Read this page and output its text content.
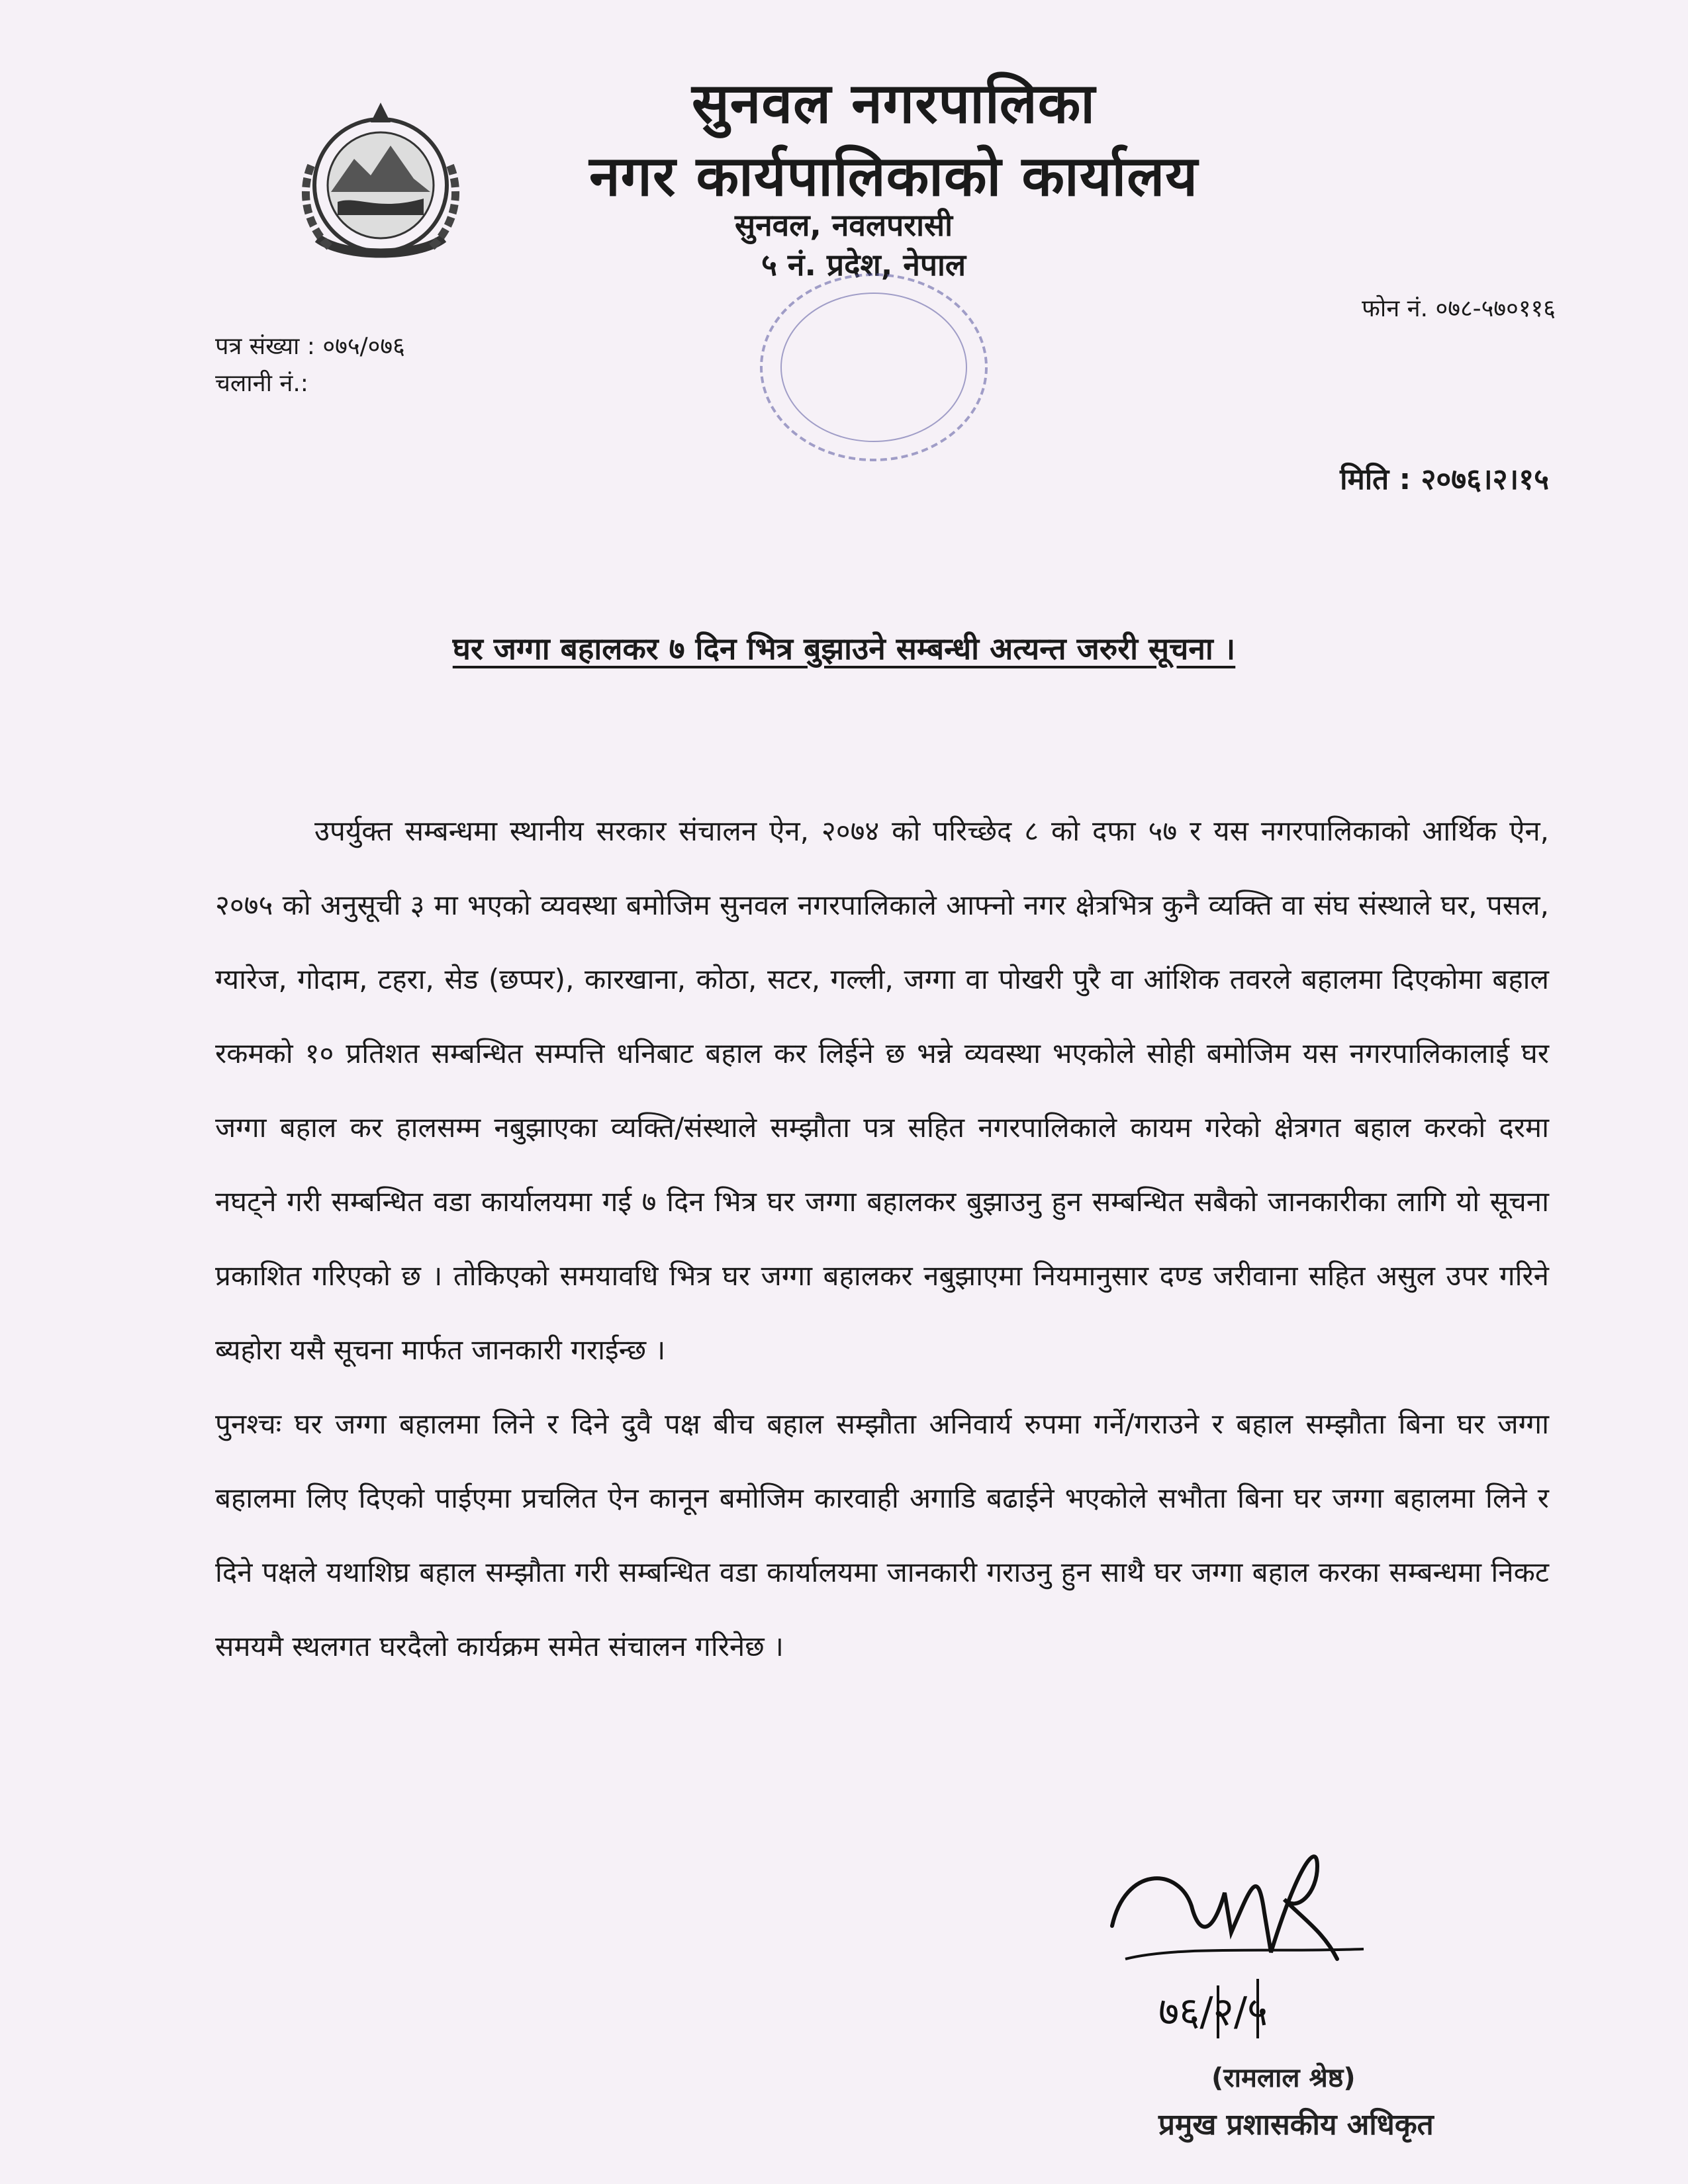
सुनवल नगरपालिका
नगर कार्यपालिकाको कार्यालय
सुनवल, नवलपरासी
५ नं. प्रदेश, नेपाल
फोन नं. ०७८-५७०११६
पत्र संख्या : ०७५/०७६
चलानी नं.:
मिति : २०७६।२।१५
घर जग्गा बहालकर ७ दिन भित्र बुझाउने सम्बन्धी अत्यन्त जरुरी सूचना ।

उपर्युक्त सम्बन्धमा स्थानीय सरकार संचालन ऐन, २०७४ को परिच्छेद ८ को दफा ५७ र यस नगरपालिकाको आर्थिक ऐन, २०७५ को अनुसूची ३ मा भएको व्यवस्था बमोजिम सुनवल नगरपालिकाले आफ्नो नगर क्षेत्रभित्र कुनै व्यक्ति वा संघ संस्थाले घर, पसल, ग्यारेज, गोदाम, टहरा, सेड (छप्पर), कारखाना, कोठा, सटर, गल्ली, जग्गा वा पोखरी पुरै वा आंशिक तवरले बहालमा दिएकोमा बहाल रकमको १० प्रतिशत सम्बन्धित सम्पत्ति धनिबाट बहाल कर लिईने छ भन्ने व्यवस्था भएकोले सोही बमोजिम यस नगरपालिकालाई घर जग्गा बहाल कर हालसम्म नबुझाएका व्यक्ति/संस्थाले सम्झौता पत्र सहित नगरपालिकाले कायम गरेको क्षेत्रगत बहाल करको दरमा नघट्ने गरी सम्बन्धित वडा कार्यालयमा गई ७ दिन भित्र घर जग्गा बहालकर बुझाउनु हुन सम्बन्धित सबैको जानकारीका लागि यो सूचना प्रकाशित गरिएको छ । तोकिएको समयावधि भित्र घर जग्गा बहालकर नबुझाएमा नियमानुसार दण्ड जरीवाना सहित असुल उपर गरिने ब्यहोरा यसै सूचना मार्फत जानकारी गराईन्छ ।

पुनश्चः घर जग्गा बहालमा लिने र दिने दुवै पक्ष बीच बहाल सम्झौता अनिवार्य रुपमा गर्ने/गराउने र बहाल सम्झौता बिना घर जग्गा बहालमा लिए दिएको पाईएमा प्रचलित ऐन कानून बमोजिम कारवाही अगाडि बढाईने भएकोले सभौता बिना घर जग्गा बहालमा लिने र दिने पक्षले यथाशिघ्र बहाल सम्झौता गरी सम्बन्धित वडा कार्यालयमा जानकारी गराउनु हुन साथै घर जग्गा बहाल करका सम्बन्धमा निकट समयमै स्थलगत घरदैलो कार्यक्रम समेत संचालन गरिनेछ ।

७६/२/५
(रामलाल श्रेष्ठ)
प्रमुख प्रशासकीय अधिकृत
